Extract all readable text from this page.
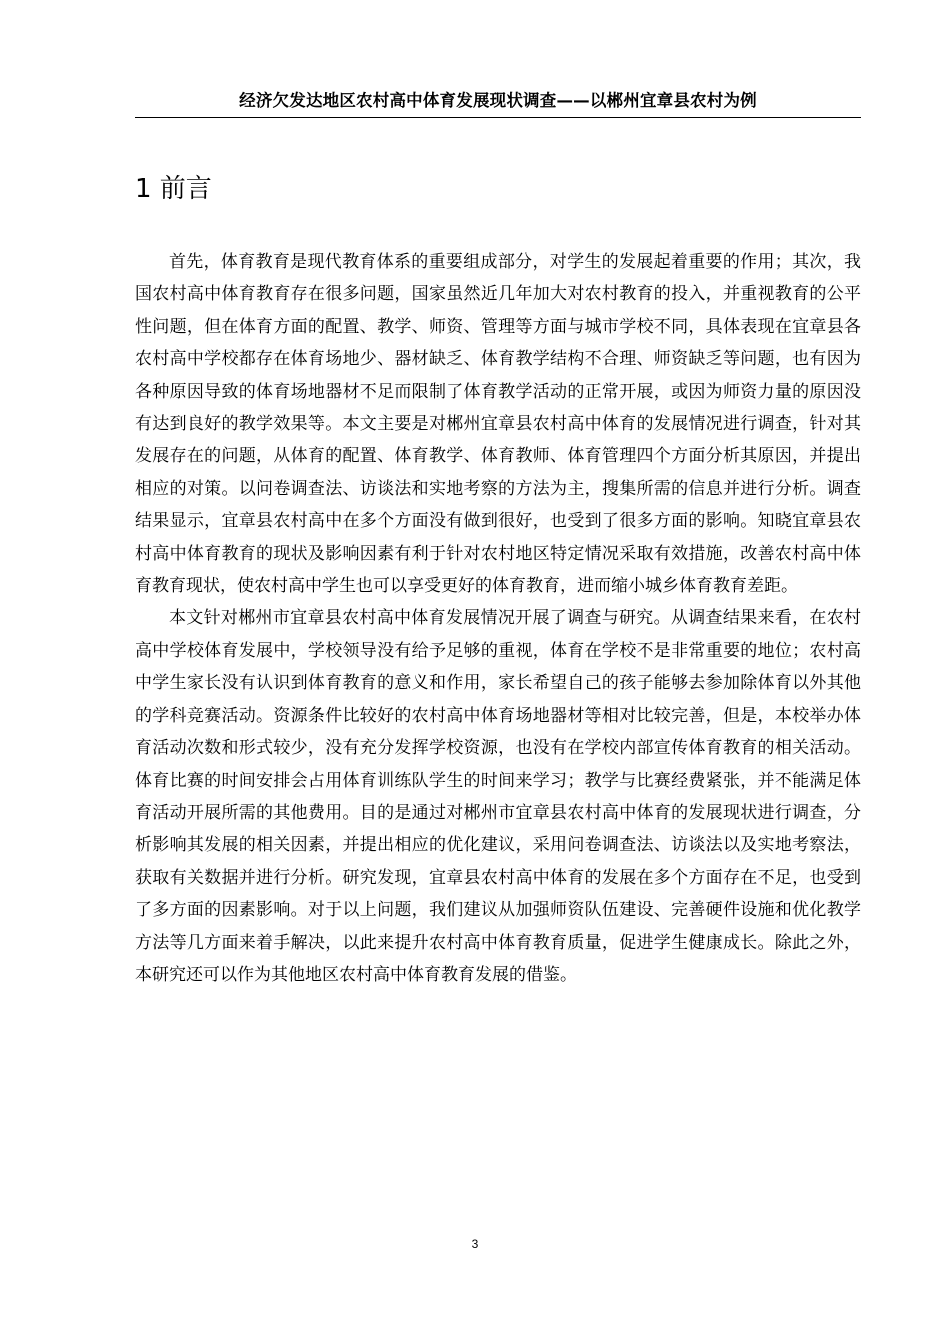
经济欠发达地区农村高中体育发展现状调查——以郴州宜章县农村为例
1 前言

首先，体育教育是现代教育体系的重要组成部分，对学生的发展起着重要的作用；其次，我国农村高中体育教育存在很多问题，国家虽然近几年加大对农村教育的投入，并重视教育的公平性问题，但在体育方面的配置、教学、师资、管理等方面与城市学校不同，具体表现在宜章县各农村高中学校都存在体育场地少、器材缺乏、体育教学结构不合理、师资缺乏等问题，也有因为各种原因导致的体育场地器材不足而限制了体育教学活动的正常开展，或因为师资力量的原因没有达到良好的教学效果等。本文主要是对郴州宜章县农村高中体育的发展情况进行调查，针对其发展存在的问题，从体育的配置、体育教学、体育教师、体育管理四个方面分析其原因，并提出相应的对策。以问卷调查法、访谈法和实地考察的方法为主，搜集所需的信息并进行分析。调查结果显示，宜章县农村高中在多个方面没有做到很好，也受到了很多方面的影响。知晓宜章县农村高中体育教育的现状及影响因素有利于针对农村地区特定情况采取有效措施，改善农村高中体育教育现状，使农村高中学生也可以享受更好的体育教育，进而缩小城乡体育教育差距。

本文针对郴州市宜章县农村高中体育发展情况开展了调查与研究。从调查结果来看，在农村高中学校体育发展中，学校领导没有给予足够的重视，体育在学校不是非常重要的地位；农村高中学生家长没有认识到体育教育的意义和作用，家长希望自己的孩子能够去参加除体育以外其他的学科竞赛活动。资源条件比较好的农村高中体育场地器材等相对比较完善，但是，本校举办体育活动次数和形式较少，没有充分发挥学校资源，也没有在学校内部宣传体育教育的相关活动。体育比赛的时间安排会占用体育训练队学生的时间来学习；教学与比赛经费紧张，并不能满足体育活动开展所需的其他费用。目的是通过对郴州市宜章县农村高中体育的发展现状进行调查，分析影响其发展的相关因素，并提出相应的优化建议，采用问卷调查法、访谈法以及实地考察法，获取有关数据并进行分析。研究发现，宜章县农村高中体育的发展在多个方面存在不足，也受到了多方面的因素影响。对于以上问题，我们建议从加强师资队伍建设、完善硬件设施和优化教学方法等几方面来着手解决，以此来提升农村高中体育教育质量，促进学生健康成长。除此之外，本研究还可以作为其他地区农村高中体育教育发展的借鉴。

3
